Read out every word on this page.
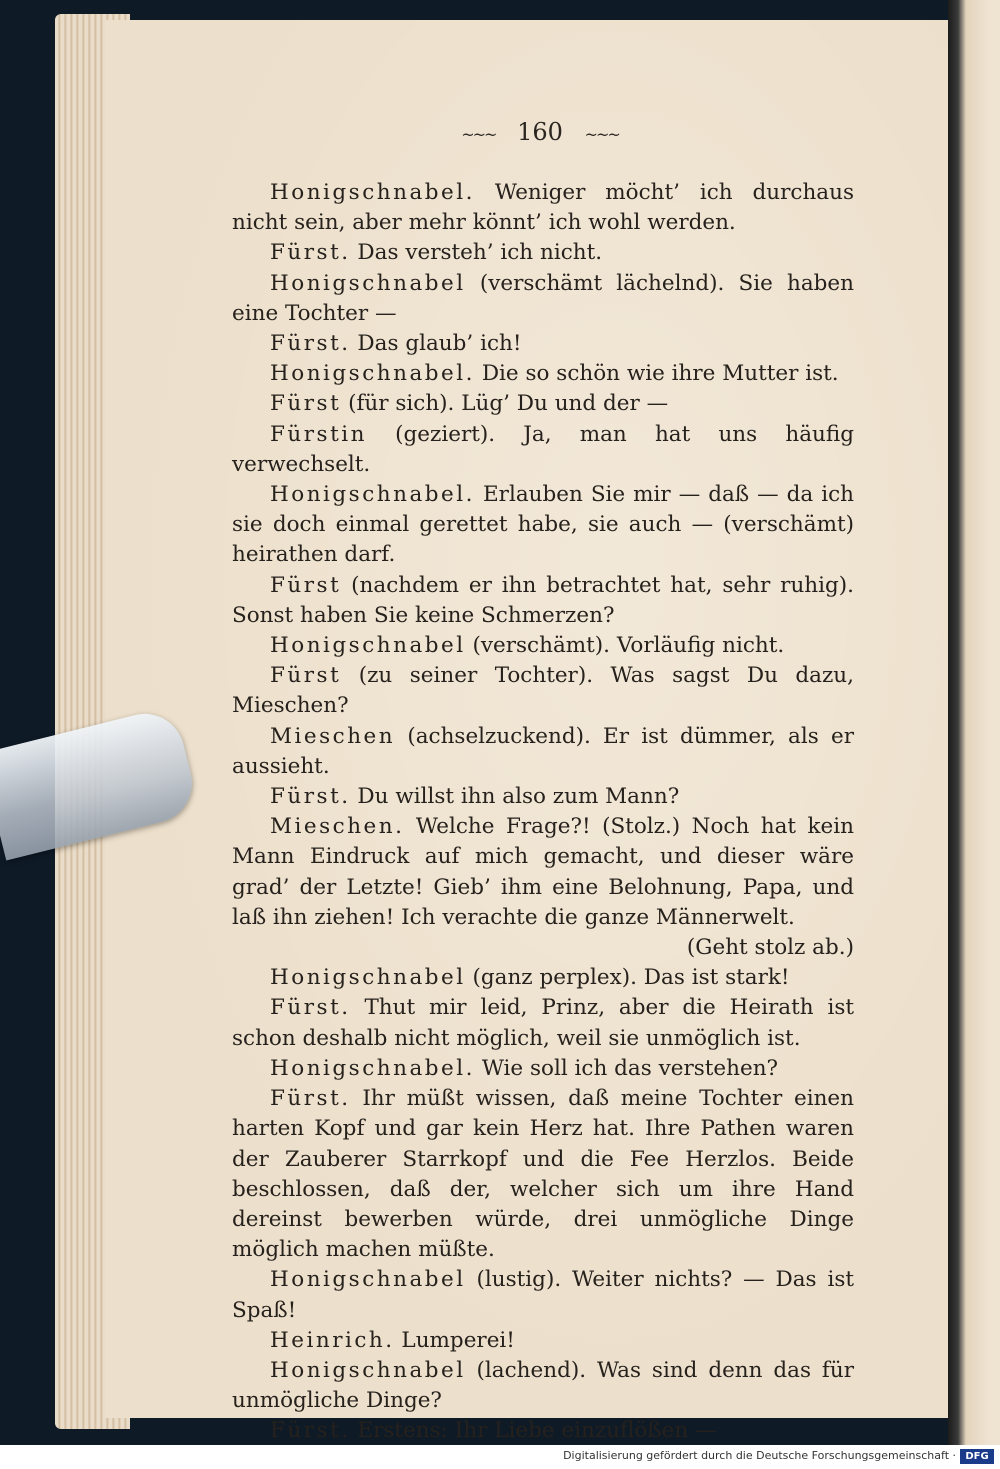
~~~ 160 ~~~

Honigschnabel. Weniger möcht’ ich durchaus nicht sein, aber mehr könnt’ ich wohl werden.

Fürst. Das versteh’ ich nicht.

Honigschnabel (verschämt lächelnd). Sie haben eine Tochter —

Fürst. Das glaub’ ich!

Honigschnabel. Die so schön wie ihre Mutter ist.

Fürst (für sich). Lüg’ Du und der —

Fürstin (geziert). Ja, man hat uns häufig verwechselt.

Honigschnabel. Erlauben Sie mir — daß — da ich sie doch einmal gerettet habe, sie auch — (verschämt) heirathen darf.

Fürst (nachdem er ihn betrachtet hat, sehr ruhig). Sonst haben Sie keine Schmerzen?

Honigschnabel (verschämt). Vorläufig nicht.

Fürst (zu seiner Tochter). Was sagst Du dazu, Mieschen?

Mieschen (achselzuckend). Er ist dümmer, als er aussieht.

Fürst. Du willst ihn also zum Mann?

Mieschen. Welche Frage?! (Stolz.) Noch hat kein Mann Eindruck auf mich gemacht, und dieser wäre grad’ der Letzte! Gieb’ ihm eine Belohnung, Papa, und laß ihn ziehen! Ich verachte die ganze Männerwelt.

(Geht stolz ab.)

Honigschnabel (ganz perplex). Das ist stark!

Fürst. Thut mir leid, Prinz, aber die Heirath ist schon deshalb nicht möglich, weil sie unmöglich ist.

Honigschnabel. Wie soll ich das verstehen?

Fürst. Ihr müßt wissen, daß meine Tochter einen harten Kopf und gar kein Herz hat. Ihre Pathen waren der Zauberer Starrkopf und die Fee Herzlos. Beide beschlossen, daß der, welcher sich um ihre Hand dereinst bewerben würde, drei unmögliche Dinge möglich machen müßte.

Honigschnabel (lustig). Weiter nichts? — Das ist Spaß!

Heinrich. Lumperei!

Honigschnabel (lachend). Was sind denn das für unmögliche Dinge?

Fürst. Erstens: Ihr Liebe einzuflößen —

Digitalisierung gefördert durch die Deutsche Forschungsgemeinschaft · DFG
